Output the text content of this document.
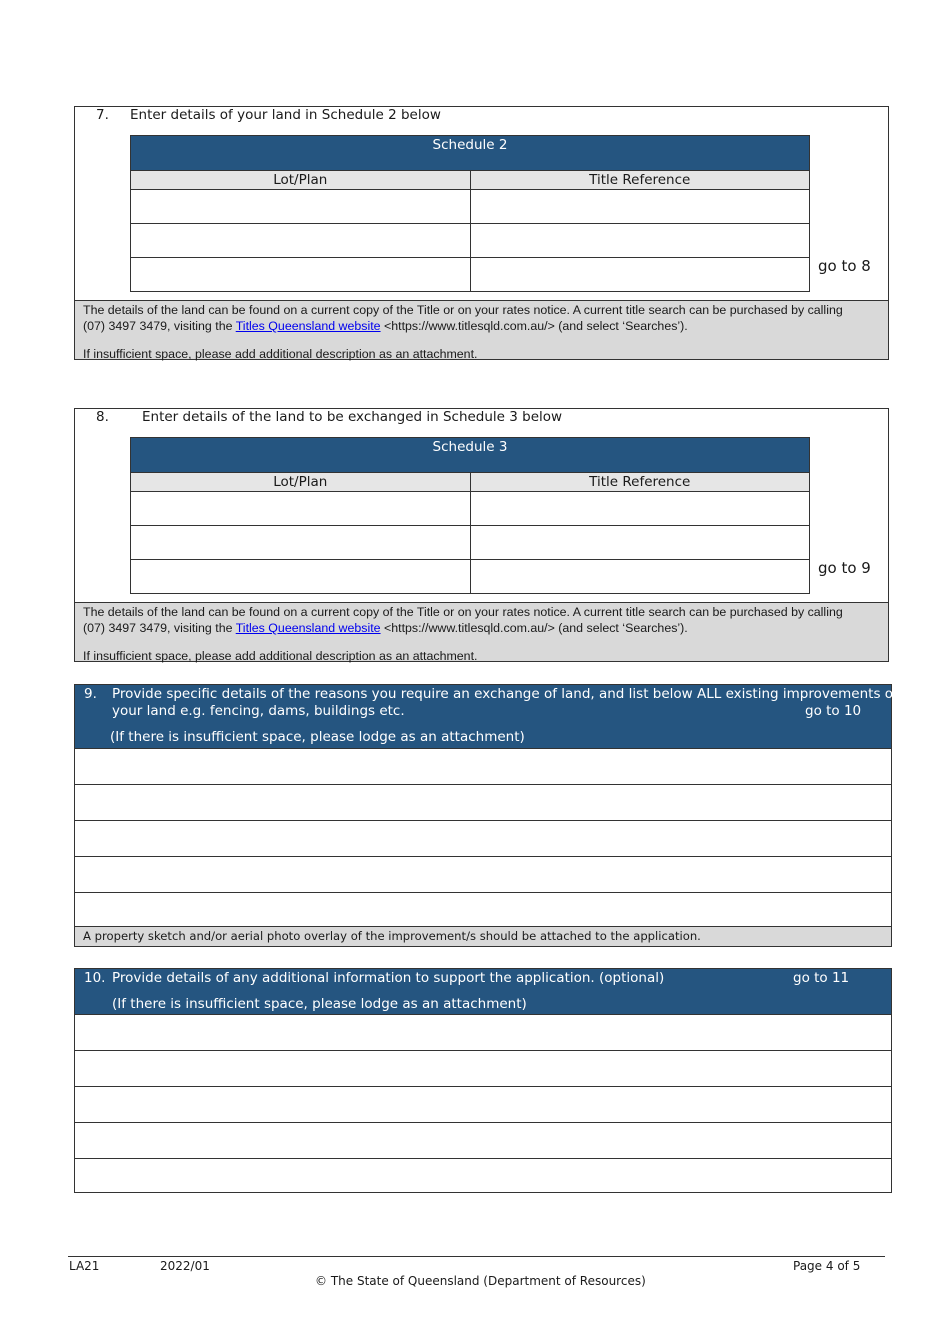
7. Enter details of your land in Schedule 2 below
Schedule 2	
Lot/Plan	Title Reference

go to 8

The details of the land can be found on a current copy of the Title or on your rates notice. A current title search can be purchased by calling

(07) 3497 3479, visiting the Titles Queensland website <https://www.titlesqld.com.au/> (and select ‘Searches’).

If insufficient space, please add additional description as an attachment.

8. Enter details of the land to be exchanged in Schedule 3 below
Schedule 3	
Lot/Plan	Title Reference

go to 9

The details of the land can be found on a current copy of the Title or on your rates notice. A current title search can be purchased by calling

(07) 3497 3479, visiting the Titles Queensland website <https://www.titlesqld.com.au/> (and select ‘Searches’).

If insufficient space, please add additional description as an attachment.

9. Provide specific details of the reasons you require an exchange of land, and list below ALL existing improvements on
your land e.g. fencing, dams, buildings etc.	go to 10
(If there is insufficient space, please lodge as an attachment)
A property sketch and/or aerial photo overlay of the improvement/s should be attached to the application.
10. Provide details of any additional information to support the application. (optional)	go to 11
(If there is insufficient space, please lodge as an attachment)
LA21	2022/01	Page 4 of 5
© The State of Queensland (Department of Resources)
